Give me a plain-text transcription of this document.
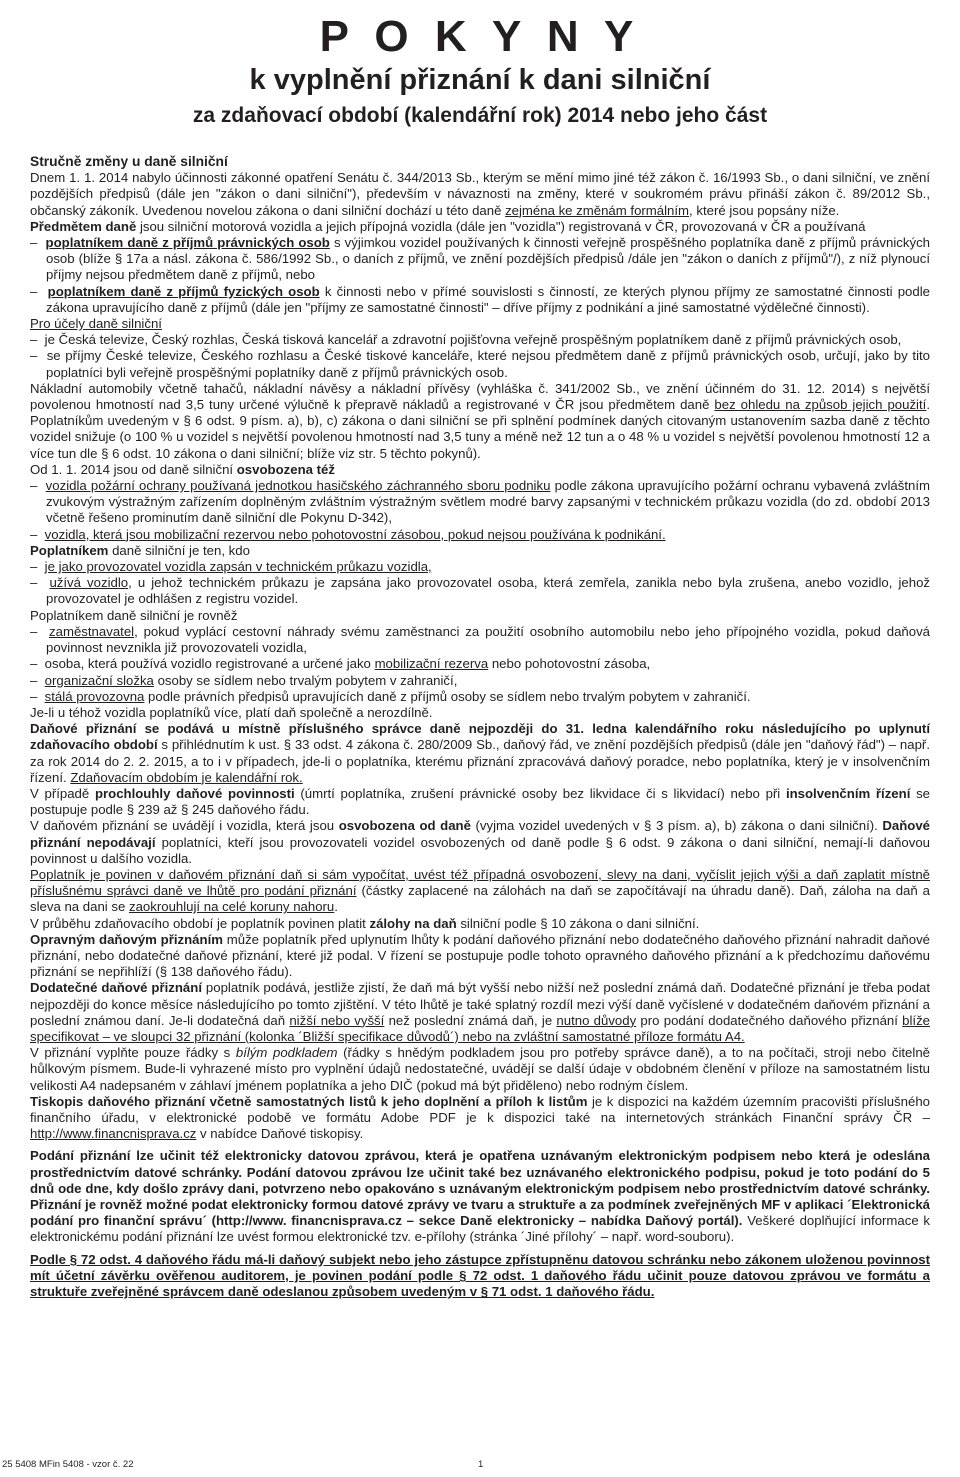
P O K Y N Y
k vyplnění přiznání k dani silniční
za zdaňovací období (kalendářní rok) 2014 nebo jeho část

Stručně změny u daně silniční

Dnem 1. 1. 2014 nabylo účinnosti zákonné opatření Senátu č. 344/2013 Sb., kterým se mění mimo jiné též zákon č. 16/1993 Sb., o dani silniční, ve znění pozdějších předpisů (dále jen "zákon o dani silniční"), především v návaznosti na změny, které v soukromém právu přináší zákon č. 89/2012 Sb., občanský zákoník. Uvedenou novelou zákona o dani silniční dochází u této daně zejména ke změnám formálním, které jsou popsány níže.

Předmětem daně jsou silniční motorová vozidla a jejich přípojná vozidla (dále jen "vozidla") registrovaná v ČR, provozovaná v ČR a používaná

–  poplatníkem daně z příjmů právnických osob s výjimkou vozidel používaných k činnosti veřejně prospěšného poplatníka daně z příjmů právnických osob (blíže § 17a a násl. zákona č. 586/1992 Sb., o daních z příjmů, ve znění pozdějších předpisů /dále jen "zákon o daních z příjmů"/), z níž plynoucí příjmy nejsou předmětem daně z příjmů, nebo

–  poplatníkem daně z příjmů fyzických osob k činnosti nebo v přímé souvislosti s činností, ze kterých plynou příjmy ze samostatné činnosti podle zákona upravujícího daně z příjmů (dále jen "příjmy ze samostatné činnosti" – dříve příjmy z podnikání a jiné samostatné výdělečné činnosti).

Pro účely daně silniční

–  je Česká televize, Český rozhlas, Česká tisková kancelář a zdravotní pojišťovna veřejně prospěšným poplatníkem daně z příjmů právnických osob,

–  se příjmy České televize, Českého rozhlasu a České tiskové kanceláře, které nejsou předmětem daně z příjmů právnických osob, určují, jako by tito poplatníci byli veřejně prospěšnými poplatníky daně z příjmů právnických osob.

Nákladní automobily včetně tahačů, nákladní návěsy a nákladní přívěsy (vyhláška č. 341/2002 Sb., ve znění účinném do 31. 12. 2014) s největší povolenou hmotností nad 3,5 tuny určené výlučně k přepravě nákladů a registrované v ČR jsou předmětem daně bez ohledu na způsob jejich použití. Poplatníkům uvedeným v § 6 odst. 9 písm. a), b), c) zákona o dani silniční se při splnění podmínek daných citovaným ustanovením sazba daně z těchto vozidel snižuje (o 100 % u vozidel s největší povolenou hmotností nad 3,5 tuny a méně než 12 tun a o 48 % u vozidel s největší povolenou hmotností 12 a více tun dle § 6 odst. 10 zákona o dani silniční; blíže viz str. 5 těchto pokynů).

Od 1. 1. 2014 jsou od daně silniční osvobozena též

–  vozidla požární ochrany používaná jednotkou hasičského záchranného sboru podniku podle zákona upravujícího požární ochranu vybavená zvláštním zvukovým výstražným zařízením doplněným zvláštním výstražným světlem modré barvy zapsanými v technickém průkazu vozidla (do zd. období 2013 včetně řešeno prominutím daně silniční dle Pokynu D-342),

–  vozidla, která jsou mobilizační rezervou nebo pohotovostní zásobou, pokud nejsou používána k podnikání.

Poplatníkem daně silniční je ten, kdo

–  je jako provozovatel vozidla zapsán v technickém průkazu vozidla,

–  užívá vozidlo, u jehož technickém průkazu je zapsána jako provozovatel osoba, která zemřela, zanikla nebo byla zrušena, anebo vozidlo, jehož provozovatel je odhlášen z registru vozidel.

Poplatníkem daně silniční je rovněž

–  zaměstnavatel, pokud vyplácí cestovní náhrady svému zaměstnanci za použití osobního automobilu nebo jeho přípojného vozidla, pokud daňová povinnost nevznikla již provozovateli vozidla,

–  osoba, která používá vozidlo registrované a určené jako mobilizační rezerva nebo pohotovostní zásoba,

–  organizační složka osoby se sídlem nebo trvalým pobytem v zahraničí,

–  stálá provozovna podle právních předpisů upravujících daně z příjmů osoby se sídlem nebo trvalým pobytem v zahraničí.

Je-li u téhož vozidla poplatníků více, platí daň společně a nerozdílně.

Daňové přiznání se podává u místně příslušného správce daně nejpozději do 31. ledna kalendářního roku následujícího po uplynutí zdaňovacího období s přihlédnutím k ust. § 33 odst. 4 zákona č. 280/2009 Sb., daňový řád, ve znění pozdějších předpisů (dále jen "daňový řád") – např. za rok 2014 do 2. 2. 2015, a to i v případech, jde-li o poplatníka, kterému přiznání zpracovává daňový poradce, nebo poplatníka, který je v insolvenčním řízení. Zdaňovacím obdobím je kalendářní rok.

V případě prochlouhly daňové povinnosti (úmrtí poplatníka, zrušení právnické osoby bez likvidace či s likvidací) nebo při insolvenčním řízení se postupuje podle § 239 až § 245 daňového řádu.

V daňovém přiznání se uvádějí i vozidla, která jsou osvobozena od daně (vyjma vozidel uvedených v § 3 písm. a), b) zákona o dani silniční). Daňové přiznání nepodávají poplatníci, kteří jsou provozovateli vozidel osvobozených od daně podle § 6 odst. 9 zákona o dani silniční, nemají-li daňovou povinnost u dalšího vozidla.

Poplatník je povinen v daňovém přiznání daň si sám vypočítat, uvést též případná osvobození, slevy na dani, vyčíslit jejich výši a daň zaplatit místně příslušnému správci daně ve lhůtě pro podání přiznání (částky zaplacené na zálohách na daň se započítávají na úhradu daně). Daň, záloha na daň a sleva na dani se zaokrouhlují na celé koruny nahoru.

V průběhu zdaňovacího období je poplatník povinen platit zálohy na daň silniční podle § 10 zákona o dani silniční.

Opravným daňovým přiznáním může poplatník před uplynutím lhůty k podání daňového přiznání nebo dodatečného daňového přiznání nahradit daňové přiznání, nebo dodatečné daňové přiznání, které již podal. V řízení se postupuje podle tohoto opravného daňového přiznání a k předchozímu daňovému přiznání se nepřihlíží (§ 138 daňového řádu).

Dodatečné daňové přiznání poplatník podává, jestliže zjistí, že daň má být vyšší nebo nižší než poslední známá daň. Dodatečné přiznání je třeba podat nejpozději do konce měsíce následujícího po tomto zjištění. V této lhůtě je také splatný rozdíl mezi výší daně vyčíslené v dodatečném daňovém přiznání a poslední známou daní. Je-li dodatečná daň nižší nebo vyšší než poslední známá daň, je nutno důvody pro podání dodatečného daňového přiznání blíže specifikovat – ve sloupci 32 přiznání (kolonka ´Bližší specifikace důvodů´) nebo na zvláštní samostatné příloze formátu A4.

V přiznání vyplňte pouze řádky s bílým podkladem (řádky s hnědým podkladem jsou pro potřeby správce daně), a to na počítači, stroji nebo čitelně hůlkovým písmem. Bude-li vyhrazené místo pro vyplnění údajů nedostatečné, uvádějí se další údaje v obdobném členění v příloze na samostatném listu velikosti A4 nadepsaném v záhlaví jménem poplatníka a jeho DIČ (pokud má být přiděleno) nebo rodným číslem.

Tiskopis daňového přiznání včetně samostatných listů k jeho doplnění a příloh k listům je k dispozici na každém územním pracovišti příslušného finančního úřadu, v elektronické podobě ve formátu Adobe PDF je k dispozici také na internetových stránkách Finanční správy ČR – http://www.financnisprava.cz v nabídce Daňové tiskopisy.

Podání přiznání lze učinit též elektronicky datovou zprávou, která je opatřena uznávaným elektronickým podpisem nebo která je odeslána prostřednictvím datové schránky. Podání datovou zprávou lze učinit také bez uznávaného elektronického podpisu, pokud je toto podání do 5 dnů ode dne, kdy došlo zprávy dani, potvrzeno nebo opakováno s uznávaným elektronickým podpisem nebo prostřednictvím datové schránky. Přiznání je rovněž možné podat elektronicky formou datové zprávy ve tvaru a struktuře a za podmínek zveřejněných MF v aplikaci ´Elektronická podání pro finanční správu´ (http://www. financnisprava.cz – sekce Daně elektronicky – nabídka Daňový portál). Veškeré doplňující informace k elektronickému podání přiznání lze uvést formou elektronické tzv. e-přílohy (stránka ´Jiné přílohy´ – např. word-souboru).

Podle § 72 odst. 4 daňového řádu má-li daňový subjekt nebo jeho zástupce zpřístupněnu datovou schránku nebo zákonem uloženou povinnost mít účetní závěrku ověřenou auditorem, je povinen podání podle § 72 odst. 1 daňového řádu učinit pouze datovou zprávou ve formátu a struktuře zveřejněné správcem daně odeslanou způsobem uvedeným v § 71 odst. 1 daňového řádu.

25 5408 MFin 5408 - vzor č. 22	1
